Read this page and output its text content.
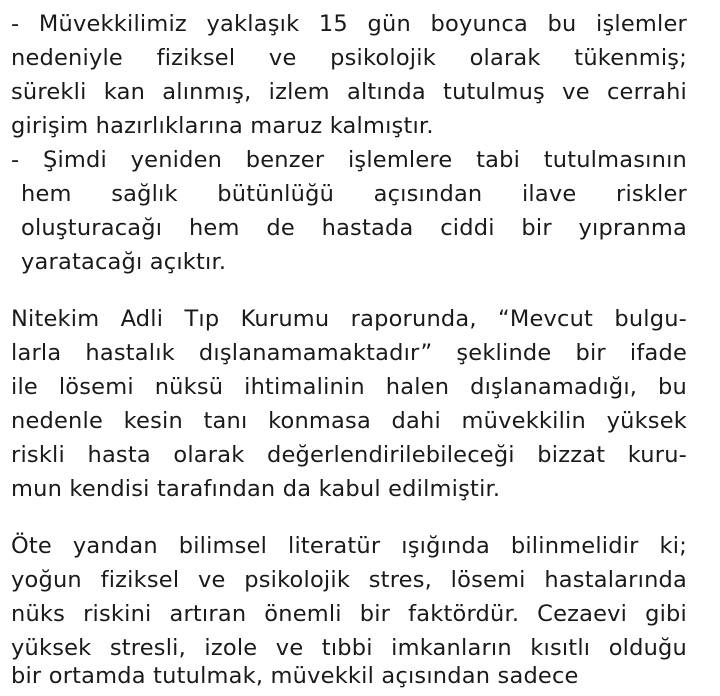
- Müvekkilimiz yaklaşık 15 gün boyunca bu işlemler
nedeniyle fiziksel ve psikolojik olarak tükenmiş;
sürekli kan alınmış, izlem altında tutulmuş ve cerrahi
girişim hazırlıklarına maruz kalmıştır.
- Şimdi yeniden benzer işlemlere tabi tutulmasının
hem sağlık bütünlüğü açısından ilave riskler
oluşturacağı hem de hastada ciddi bir yıpranma
yaratacağı açıktır.
Nitekim Adli Tıp Kurumu raporunda, “Mevcut bulgu-
larla hastalık dışlanamamaktadır” şeklinde bir ifade
ile lösemi nüksü ihtimalinin halen dışlanamadığı, bu
nedenle kesin tanı konmasa dahi müvekkilin yüksek
riskli hasta olarak değerlendirilebileceği bizzat kuru-
mun kendisi tarafından da kabul edilmiştir.
Öte yandan bilimsel literatür ışığında bilinmelidir ki;
yoğun fiziksel ve psikolojik stres, lösemi hastalarında
nüks riskini artıran önemli bir faktördür. Cezaevi gibi
yüksek stresli, izole ve tıbbi imkanların kısıtlı olduğu
bir ortamda tutulmak, müvekkil açısından sadece
